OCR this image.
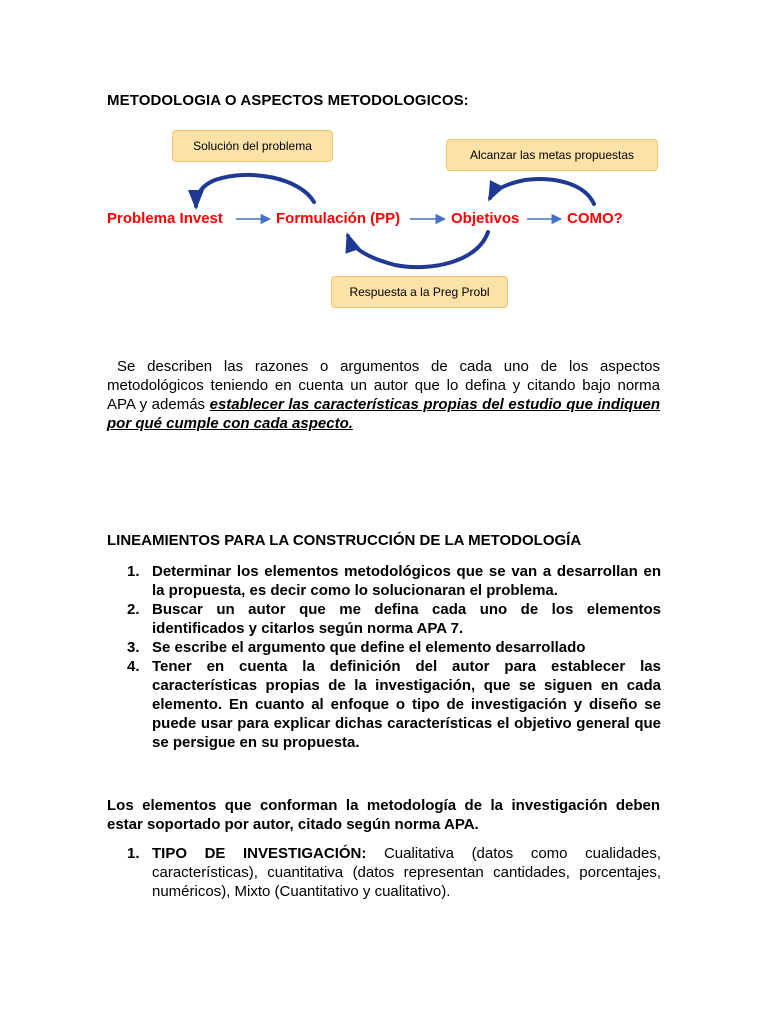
METODOLOGIA O ASPECTOS METODOLOGICOS:
Solución del problema
Alcanzar las metas propuestas
Respuesta a la Preg Probl
Problema Invest	Formulación (PP)	Objetivos	COMO?
Se describen las razones o argumentos de cada uno de los aspectos metodológicos teniendo en cuenta un autor que lo defina y citando bajo norma APA y además establecer las características propias del estudio que indiquen por qué cumple con cada aspecto.
LINEAMIENTOS PARA LA CONSTRUCCIÓN DE LA METODOLOGÍA
1. Determinar los elementos metodológicos que se van a desarrollan en la propuesta, es decir como lo solucionaran el problema.
2. Buscar un autor que me defina cada uno de los elementos identificados y citarlos según norma APA 7.
3. Se escribe el argumento que define el elemento desarrollado
4. Tener en cuenta la definición del autor para establecer las características propias de la investigación, que se siguen en cada elemento. En cuanto al enfoque o tipo de investigación y diseño se puede usar para explicar dichas características el objetivo general que se persigue en su propuesta.
Los elementos que conforman la metodología de la investigación deben estar soportado por autor, citado según norma APA.
1. TIPO DE INVESTIGACIÓN: Cualitativa (datos como cualidades, características), cuantitativa (datos representan cantidades, porcentajes, numéricos), Mixto (Cuantitativo y cualitativo).
